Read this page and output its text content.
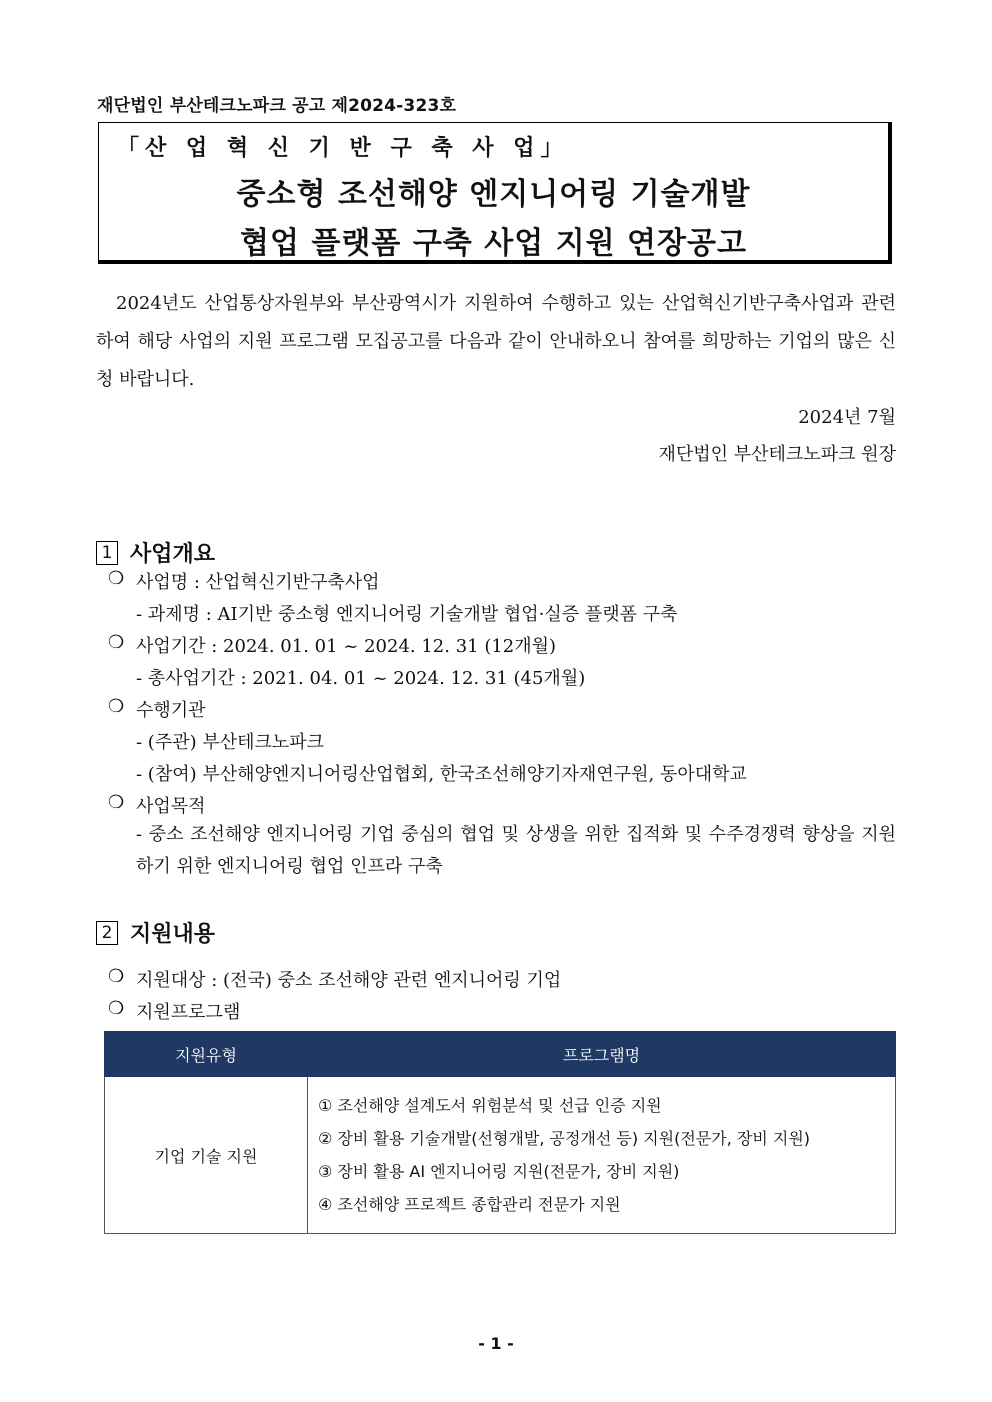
재단법인 부산테크노파크 공고 제2024-323호
「산 업 혁 신 기 반 구 축 사 업」
중소형 조선해양 엔지니어링 기술개발
협업 플랫폼 구축 사업 지원 연장공고
2024년도 산업통상자원부와 부산광역시가 지원하여 수행하고 있는 산업혁신기반구축사업과 관련하여 해당 사업의 지원 프로그램 모집공고를 다음과 같이 안내하오니 참여를 희망하는 기업의 많은 신청 바랍니다.
2024년 7월
재단법인 부산테크노파크 원장
1 사업개요
❍ 사업명 : 산업혁신기반구축사업
- 과제명 : AI기반 중소형 엔지니어링 기술개발 협업·실증 플랫폼 구축
❍ 사업기간 : 2024. 01. 01 ~ 2024. 12. 31 (12개월)
- 총사업기간 : 2021. 04. 01 ~ 2024. 12. 31 (45개월)
❍ 수행기관
- (주관) 부산테크노파크
- (참여) 부산해양엔지니어링산업협회, 한국조선해양기자재연구원, 동아대학교
❍ 사업목적
- 중소 조선해양 엔지니어링 기업 중심의 협업 및 상생을 위한 집적화 및 수주경쟁력 향상을 지원하기 위한 엔지니어링 협업 인프라 구축
2 지원내용
❍ 지원대상 : (전국) 중소 조선해양 관련 엔지니어링 기업
❍ 지원프로그램
지원유형	프로그램명
기업 기술 지원	① 조선해양 설계도서 위험분석 및 선급 인증 지원
② 장비 활용 기술개발(선형개발, 공정개선 등) 지원(전문가, 장비 지원)
③ 장비 활용 AI 엔지니어링 지원(전문가, 장비 지원)
④ 조선해양 프로젝트 종합관리 전문가 지원
- 1 -
